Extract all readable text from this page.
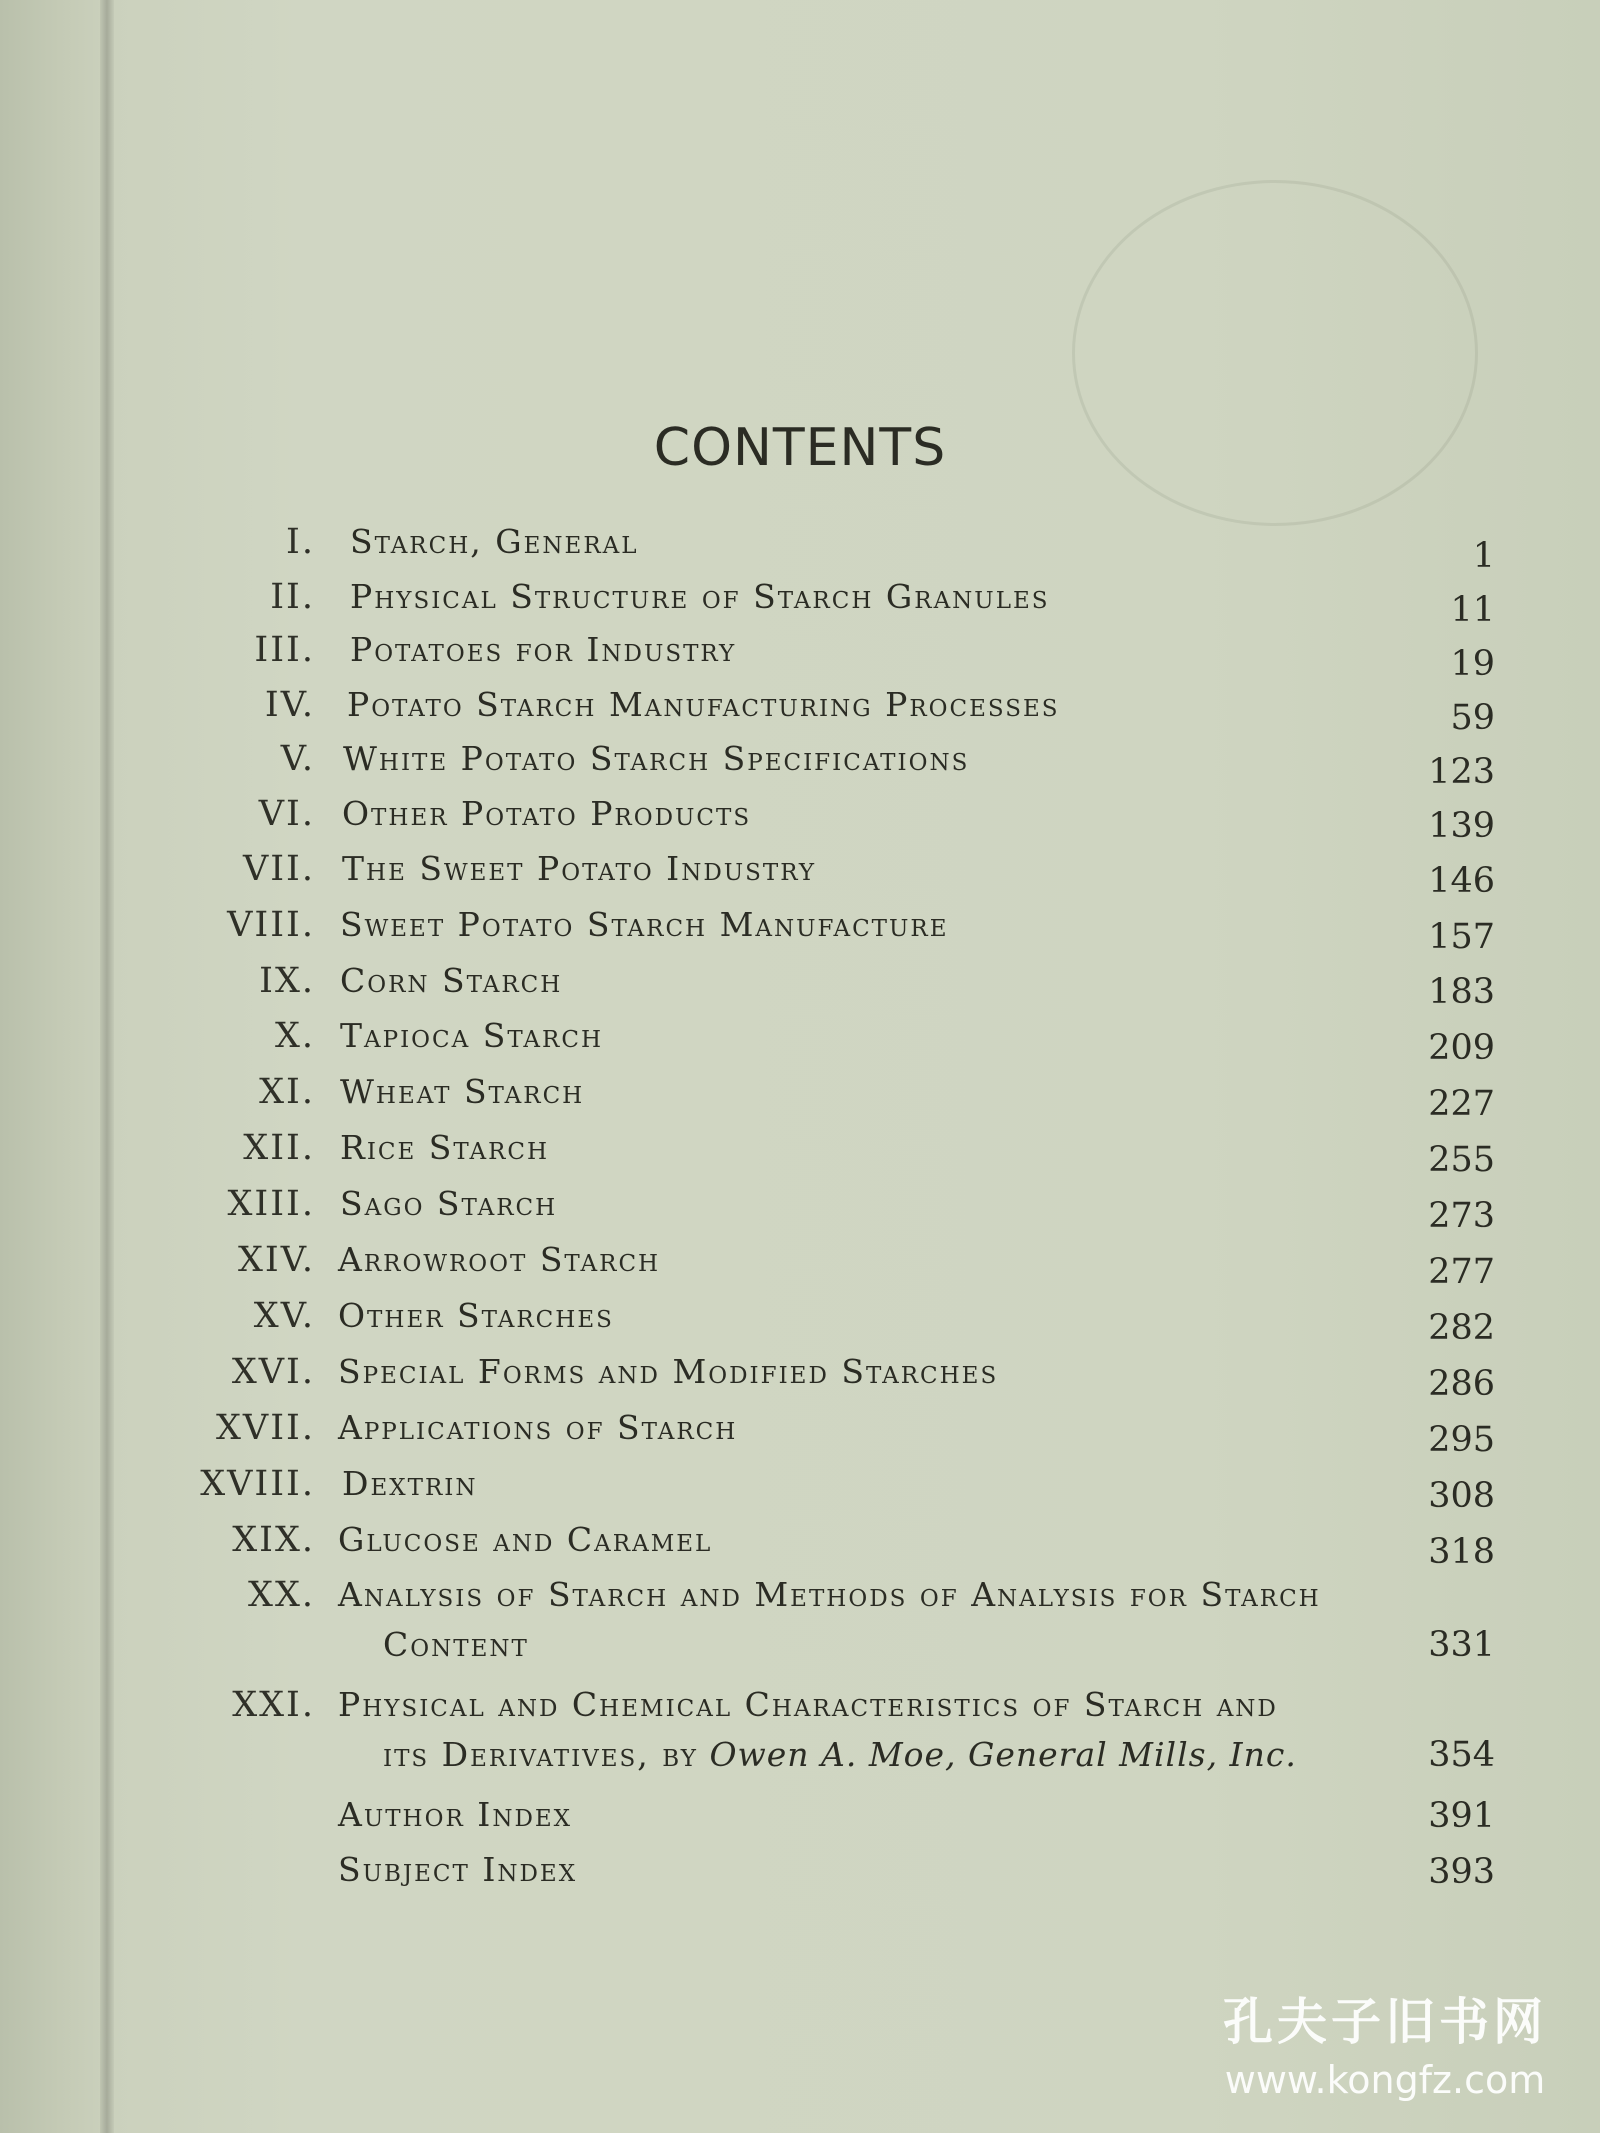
CONTENTS
I. Starch, General	1
II. Physical Structure of Starch Granules	11
III. Potatoes for Industry	19
IV. Potato Starch Manufacturing Processes	59
V. White Potato Starch Specifications	123
VI. Other Potato Products	139
VII. The Sweet Potato Industry	146
VIII. Sweet Potato Starch Manufacture	157
IX. Corn Starch	183
X. Tapioca Starch	209
XI. Wheat Starch	227
XII. Rice Starch	255
XIII. Sago Starch	273
XIV. Arrowroot Starch	277
XV. Other Starches	282
XVI. Special Forms and Modified Starches	286
XVII. Applications of Starch	295
XVIII. Dextrin	308
XIX. Glucose and Caramel	318
XX. Analysis of Starch and Methods of Analysis for Starch
Content	331
XXI. Physical and Chemical Characteristics of Starch and
its Derivatives, by Owen A. Moe, General Mills, Inc.	354
Author Index	391
Subject Index	393
孔夫子旧书网
www.kongfz.com
